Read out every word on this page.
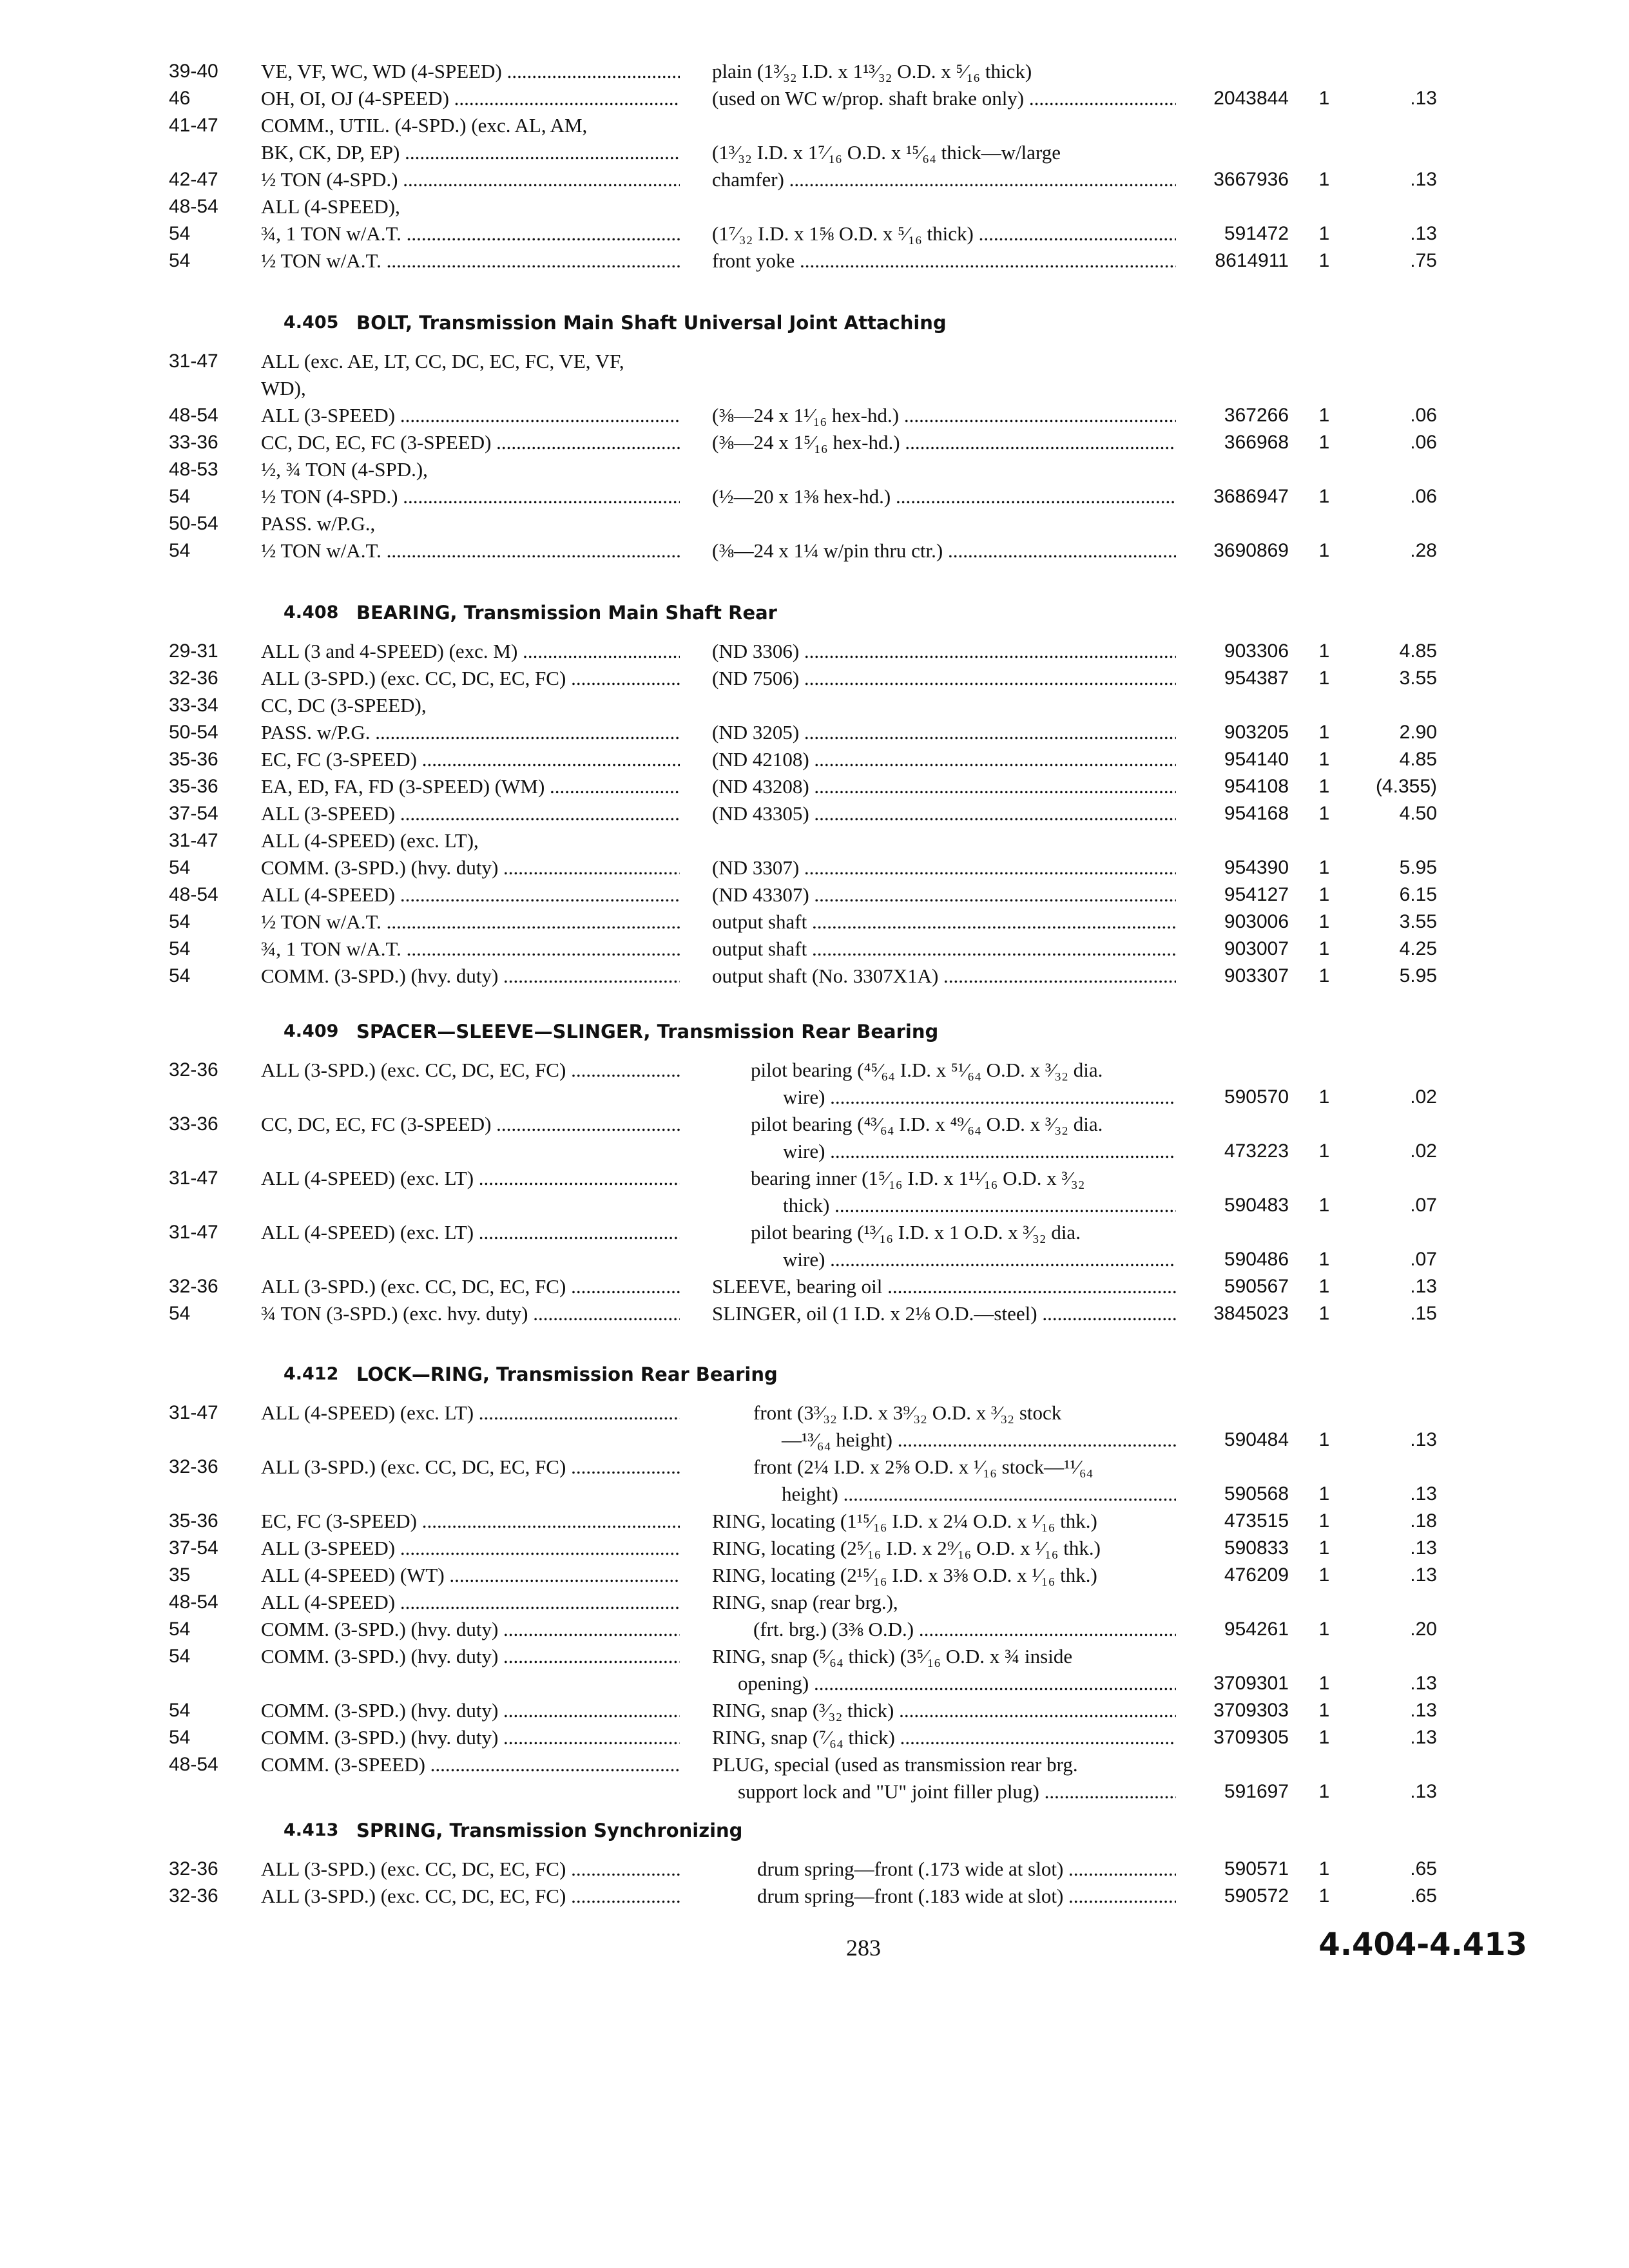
39-40	VE, VF, WC, WD (4-SPEED) .....	plain (1³⁄₃₂ I.D. x 1¹³⁄₃₂ O.D. x ⁵⁄₁₆ thick)
46	OH, OI, OJ (4-SPEED) .....	(used on WC w/prop. shaft brake only) .....	2043844	1	.13
41-47	COMM., UTIL. (4-SPD.) (exc. AL, AM,
BK, CK, DP, EP) .....	(1³⁄₃₂ I.D. x 1⁷⁄₁₆ O.D. x ¹⁵⁄₆₄ thick—w/large
42-47	½ TON (4-SPD.) .....	chamfer) .....	3667936	1	.13
48-54	ALL (4-SPEED),
54	¾, 1 TON w/A.T. .....	(1⁷⁄₃₂ I.D. x 1⅝ O.D. x ⁵⁄₁₆ thick) .....	591472	1	.13
54	½ TON w/A.T. .....	front yoke .....	8614911	1	.75
4.405 BOLT, Transmission Main Shaft Universal Joint Attaching
31-47	ALL (exc. AE, LT, CC, DC, EC, FC, VE, VF,
WD),
48-54	ALL (3-SPEED) .....	(⅜—24 x 1¹⁄₁₆ hex-hd.) .....	367266	1	.06
33-36	CC, DC, EC, FC (3-SPEED) .....	(⅜—24 x 1⁵⁄₁₆ hex-hd.) .....	366968	1	.06
48-53	½, ¾ TON (4-SPD.),
54	½ TON (4-SPD.) .....	(½—20 x 1⅜ hex-hd.) .....	3686947	1	.06
50-54	PASS. w/P.G.,
54	½ TON w/A.T. .....	(⅜—24 x 1¼ w/pin thru ctr.) .....	3690869	1	.28
4.408 BEARING, Transmission Main Shaft Rear
29-31	ALL (3 and 4-SPEED) (exc. M) .....	(ND 3306) .....	903306	1	4.85
32-36	ALL (3-SPD.) (exc. CC, DC, EC, FC) .....	(ND 7506) .....	954387	1	3.55
33-34	CC, DC (3-SPEED),
50-54	PASS. w/P.G. .....	(ND 3205) .....	903205	1	2.90
35-36	EC, FC (3-SPEED) .....	(ND 42108) .....	954140	1	4.85
35-36	EA, ED, FA, FD (3-SPEED) (WM) .....	(ND 43208) .....	954108	1	(4.355)
37-54	ALL (3-SPEED) .....	(ND 43305) .....	954168	1	4.50
31-47	ALL (4-SPEED) (exc. LT),
54	COMM. (3-SPD.) (hvy. duty) .....	(ND 3307) .....	954390	1	5.95
48-54	ALL (4-SPEED) .....	(ND 43307) .....	954127	1	6.15
54	½ TON w/A.T. .....	output shaft .....	903006	1	3.55
54	¾, 1 TON w/A.T. .....	output shaft .....	903007	1	4.25
54	COMM. (3-SPD.) (hvy. duty) .....	output shaft (No. 3307X1A) .....	903307	1	5.95
4.409 SPACER—SLEEVE—SLINGER, Transmission Rear Bearing
32-36	ALL (3-SPD.) (exc. CC, DC, EC, FC) .....	pilot bearing (⁴⁵⁄₆₄ I.D. x ⁵¹⁄₆₄ O.D. x ³⁄₃₂ dia.
wire) .....	590570	1	.02
33-36	CC, DC, EC, FC (3-SPEED) .....	pilot bearing (⁴³⁄₆₄ I.D. x ⁴⁹⁄₆₄ O.D. x ³⁄₃₂ dia.
wire) .....	473223	1	.02
31-47	ALL (4-SPEED) (exc. LT) .....	bearing inner (1⁵⁄₁₆ I.D. x 1¹¹⁄₁₆ O.D. x ³⁄₃₂
thick) .....	590483	1	.07
31-47	ALL (4-SPEED) (exc. LT) .....	pilot bearing (¹³⁄₁₆ I.D. x 1 O.D. x ³⁄₃₂ dia.
wire) .....	590486	1	.07
32-36	ALL (3-SPD.) (exc. CC, DC, EC, FC) .....	SLEEVE, bearing oil .....	590567	1	.13
54	¾ TON (3-SPD.) (exc. hvy. duty) .....	SLINGER, oil (1 I.D. x 2⅛ O.D.—steel) .....	3845023	1	.15
4.412 LOCK—RING, Transmission Rear Bearing
31-47	ALL (4-SPEED) (exc. LT) .....	front (3³⁄₃₂ I.D. x 3⁹⁄₃₂ O.D. x ³⁄₃₂ stock
—¹³⁄₆₄ height) .....	590484	1	.13
32-36	ALL (3-SPD.) (exc. CC, DC, EC, FC) .....	front (2¼ I.D. x 2⅝ O.D. x ¹⁄₁₆ stock—¹¹⁄₆₄
height) .....	590568	1	.13
35-36	EC, FC (3-SPEED) .....	RING, locating (1¹⁵⁄₁₆ I.D. x 2¼ O.D. x ¹⁄₁₆ thk.)	473515	1	.18
37-54	ALL (3-SPEED) .....	RING, locating (2⁵⁄₁₆ I.D. x 2⁹⁄₁₆ O.D. x ¹⁄₁₆ thk.)	590833	1	.13
35	ALL (4-SPEED) (WT) .....	RING, locating (2¹⁵⁄₁₆ I.D. x 3⅜ O.D. x ¹⁄₁₆ thk.)	476209	1	.13
48-54	ALL (4-SPEED) .....	RING, snap (rear brg.),
54	COMM. (3-SPD.) (hvy. duty) .....	(frt. brg.) (3⅜ O.D.) .....	954261	1	.20
54	COMM. (3-SPD.) (hvy. duty) .....	RING, snap (⁵⁄₆₄ thick) (3⁵⁄₁₆ O.D. x ¾ inside
opening) .....	3709301	1	.13
54	COMM. (3-SPD.) (hvy. duty) .....	RING, snap (³⁄₃₂ thick) .....	3709303	1	.13
54	COMM. (3-SPD.) (hvy. duty) .....	RING, snap (⁷⁄₆₄ thick) .....	3709305	1	.13
48-54	COMM. (3-SPEED) .....	PLUG, special (used as transmission rear brg.
support lock and "U" joint filler plug) .....	591697	1	.13
4.413 SPRING, Transmission Synchronizing
32-36	ALL (3-SPD.) (exc. CC, DC, EC, FC) .....	drum spring—front (.173 wide at slot) .....	590571	1	.65
32-36	ALL (3-SPD.) (exc. CC, DC, EC, FC) .....	drum spring—front (.183 wide at slot) .....	590572	1	.65
283	4.404-4.413
